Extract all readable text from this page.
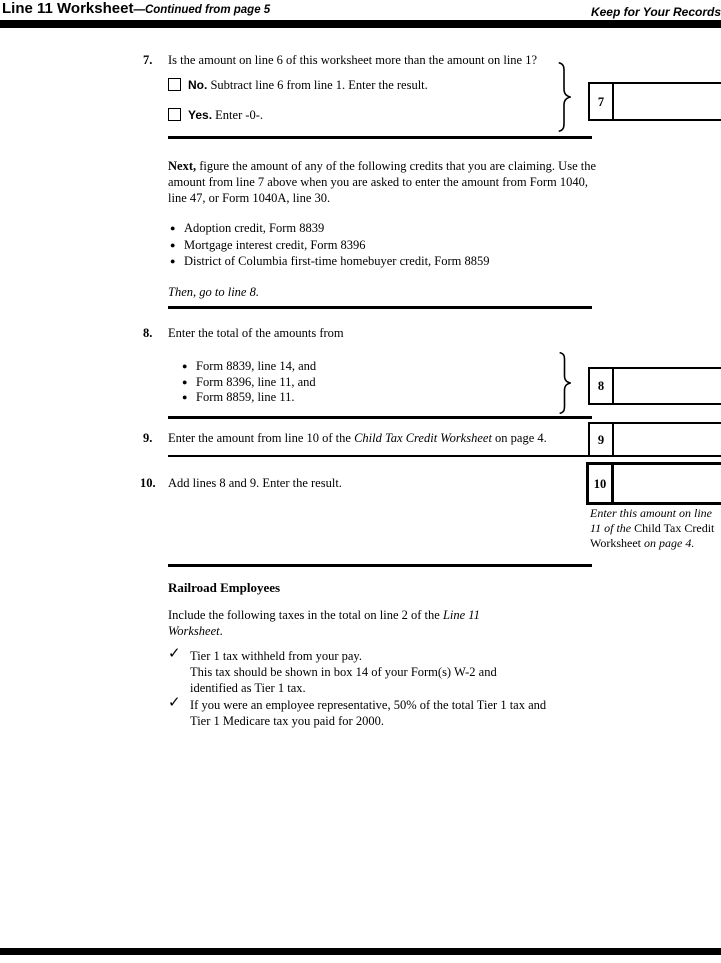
Line 11 Worksheet—Continued from page 5	Keep for Your Records
7. Is the amount on line 6 of this worksheet more than the amount on line 1?
No. Subtract line 6 from line 1. Enter the result.
Yes. Enter -0-.
7
Next, figure the amount of any of the following credits that you are claiming. Use the amount from line 7 above when you are asked to enter the amount from Form 1040, line 47, or Form 1040A, line 30.
● Adoption credit, Form 8839
● Mortgage interest credit, Form 8396
● District of Columbia first-time homebuyer credit, Form 8859
Then, go to line 8.
8. Enter the total of the amounts from
● Form 8839, line 14, and
● Form 8396, line 11, and
● Form 8859, line 11.
8
9. Enter the amount from line 10 of the Child Tax Credit Worksheet on page 4.	9
10. Add lines 8 and 9. Enter the result.	10
Enter this amount on line 11 of the Child Tax Credit Worksheet on page 4.
Railroad Employees
Include the following taxes in the total on line 2 of the Line 11 Worksheet.
✓ Tier 1 tax withheld from your pay.
This tax should be shown in box 14 of your Form(s) W-2 and
identified as Tier 1 tax.
✓ If you were an employee representative, 50% of the total Tier 1 tax and
Tier 1 Medicare tax you paid for 2000.
